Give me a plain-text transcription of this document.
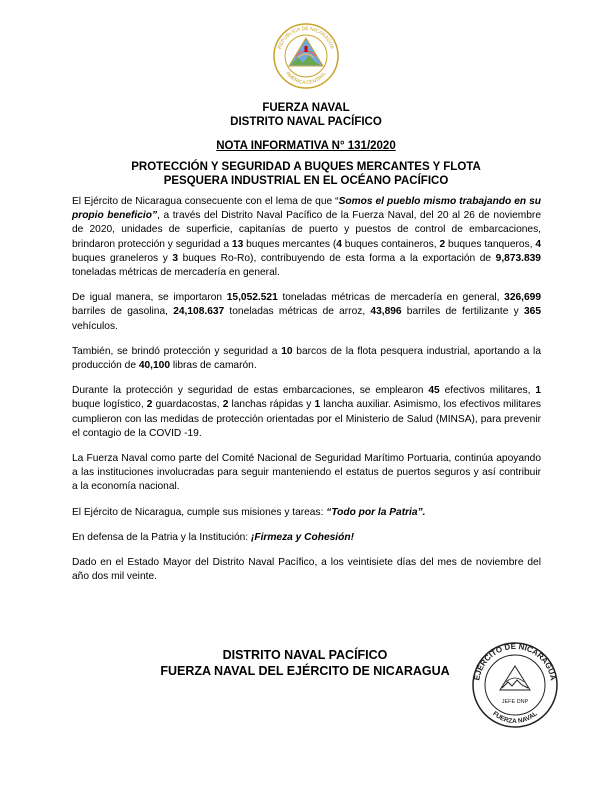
REPÚBLICA DE NICARAGUA
AMÉRICA CENTRAL
FUERZA NAVAL
DISTRITO NAVAL PACÍFICO
NOTA INFORMATIVA N° 131/2020
PROTECCIÓN Y SEGURIDAD A BUQUES MERCANTES Y FLOTA
PESQUERA INDUSTRIAL EN EL OCÉANO PACÍFICO

El Ejército de Nicaragua consecuente con el lema de que “Somos el pueblo mismo trabajando en su propio beneficio”, a través del Distrito Naval Pacífico de la Fuerza Naval, del 20 al 26 de noviembre de 2020, unidades de superficie, capitanías de puerto y puestos de control de embarcaciones, brindaron protección y seguridad a 13 buques mercantes (4 buques containeros, 2 buques tanqueros, 4 buques graneleros y 3 buques Ro-Ro), contribuyendo de esta forma a la exportación de 9,873.839 toneladas métricas de mercadería en general.

De igual manera, se importaron 15,052.521 toneladas métricas de mercadería en general, 326,699 barriles de gasolina, 24,108.637 toneladas métricas de arroz, 43,896 barriles de fertilizante y 365 vehículos.

También, se brindó protección y seguridad a 10 barcos de la flota pesquera industrial, aportando a la producción de 40,100 libras de camarón.

Durante la protección y seguridad de estas embarcaciones, se emplearon 45 efectivos militares, 1 buque logístico, 2 guardacostas, 2 lanchas rápidas y 1 lancha auxiliar. Asimismo, los efectivos militares cumplieron con las medidas de protección orientadas por el Ministerio de Salud (MINSA), para prevenir el contagio de la COVID -19.

La Fuerza Naval como parte del Comité Nacional de Seguridad Marítimo Portuaria, continúa apoyando a las instituciones involucradas para seguir manteniendo el estatus de puertos seguros y así contribuir a la economía nacional.

El Ejército de Nicaragua, cumple sus misiones y tareas: “Todo por la Patria”.

En defensa de la Patria y la Institución: ¡Firmeza y Cohesión!

Dado en el Estado Mayor del Distrito Naval Pacífico, a los veintisiete días del mes de noviembre del año dos mil veinte.

DISTRITO NAVAL PACÍFICO
FUERZA NAVAL DEL EJÉRCITO DE NICARAGUA	EJÉRCITO DE NICARAGUA
FUERZA NAVAL
JEFE DNP
